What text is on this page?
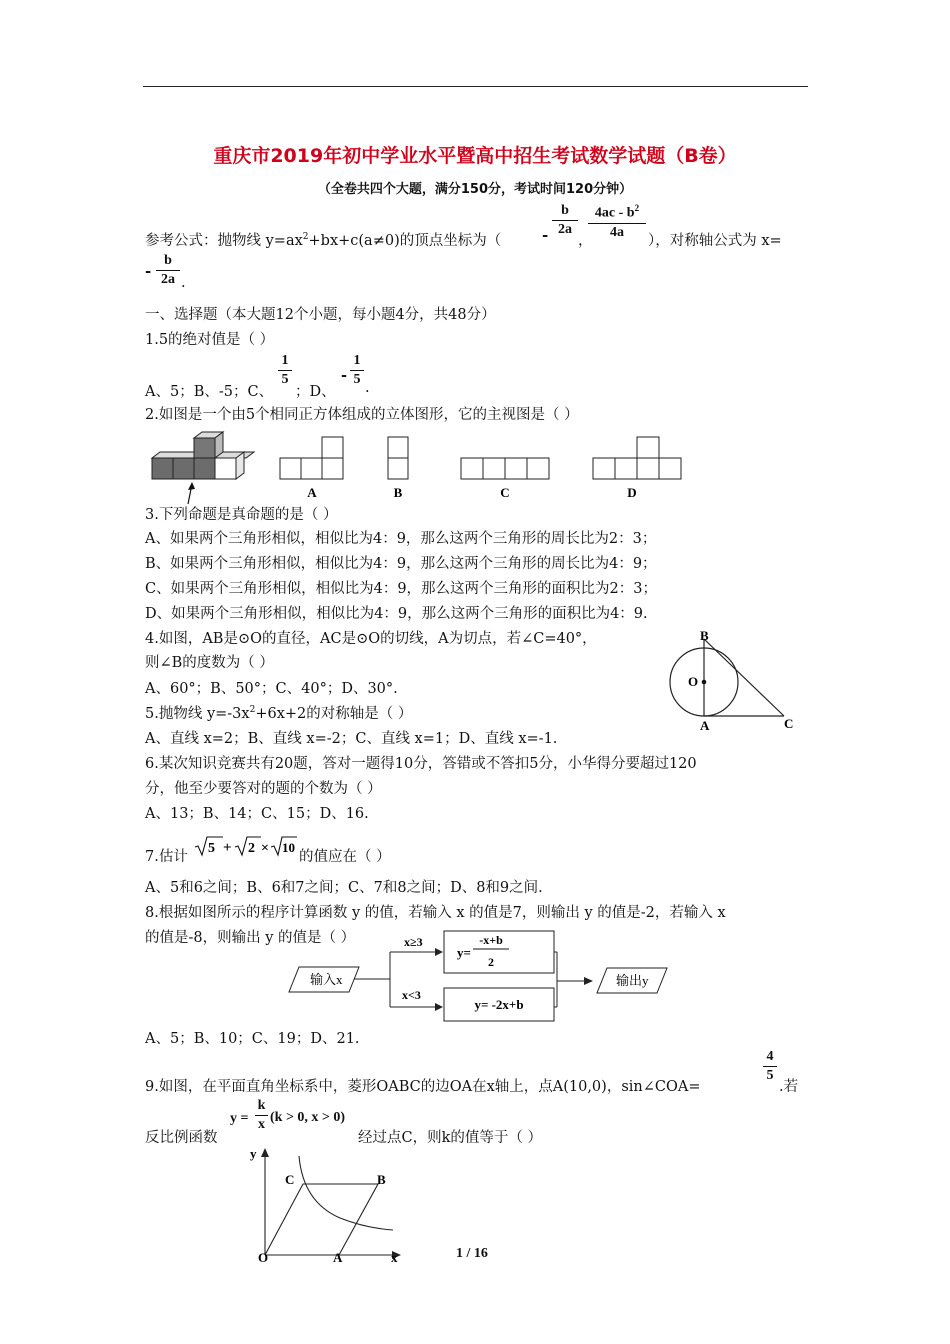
重庆市2019年初中学业水平暨高中招生考试数学试题（B卷）
（全卷共四个大题，满分150分，考试时间120分钟）
参考公式：抛物线 $y=ax^2+bx+c(a\ne 0)$的顶点坐标为（	-
b
2a
，
$4ac - b^2$
4a
），对称轴公式为 x=
-
b
2a .
一、选择题（本大题12个小题，每小题4分，共48分）
1.5的绝对值是（ ）
A、5；B、-5；C、
1
5
；D、
-
1
5
.
2.如图是一个由5个相同正方体组成的立体图形，它的主视图是（ ）
A	B	C	D
3.下列命题是真命题的是（ ）
A、如果两个三角形相似，相似比为4：9，那么这两个三角形的周长比为2：3；
B、如果两个三角形相似，相似比为4：9，那么这两个三角形的周长比为4：9；
C、如果两个三角形相似，相似比为4：9，那么这两个三角形的面积比为2：3；
D、如果两个三角形相似，相似比为4：9，那么这两个三角形的面积比为4：9.
4.如图，AB是⊙O的直径，AC是⊙O的切线，A为切点，若∠C=40°，
则∠B的度数为（ ）
A、60°；B、50°；C、40°；D、30°.
B
O
A	C
5.抛物线 $y=-3x^2+6x+2$的对称轴是（ ）
A、直线 x=2；B、直线 x=-2；C、直线 x=1；D、直线 x=-1.
6.某次知识竞赛共有20题，答对一题得10分，答错或不答扣5分，小华得分要超过120
分，他至少要答对的题的个数为（ ）
A、13；B、14；C、15；D、16.
7.估计
5 + 2 × 10
的值应在（ ）
A、5和6之间；B、6和7之间；C、7和8之间；D、8和9之间.
8.根据如图所示的程序计算函数 y 的值，若输入 x 的值是7，则输出 y 的值是-2，若输入 x
的值是-8，则输出 y 的值是（ ）
输入x
x≥3
x<3
y=
-x+b
2
y= -2x+b
输出y
A、5；B、10；C、19；D、21.
9.如图，在平面直角坐标系中，菱形OABC的边OA在x轴上，点A(10,0)，sin∠COA=
4
5
.若
反比例函数
y =
k
x (k > 0, x > 0)
经过点C，则k的值等于（ ）
y
C	B
O	A	x	1 / 16
